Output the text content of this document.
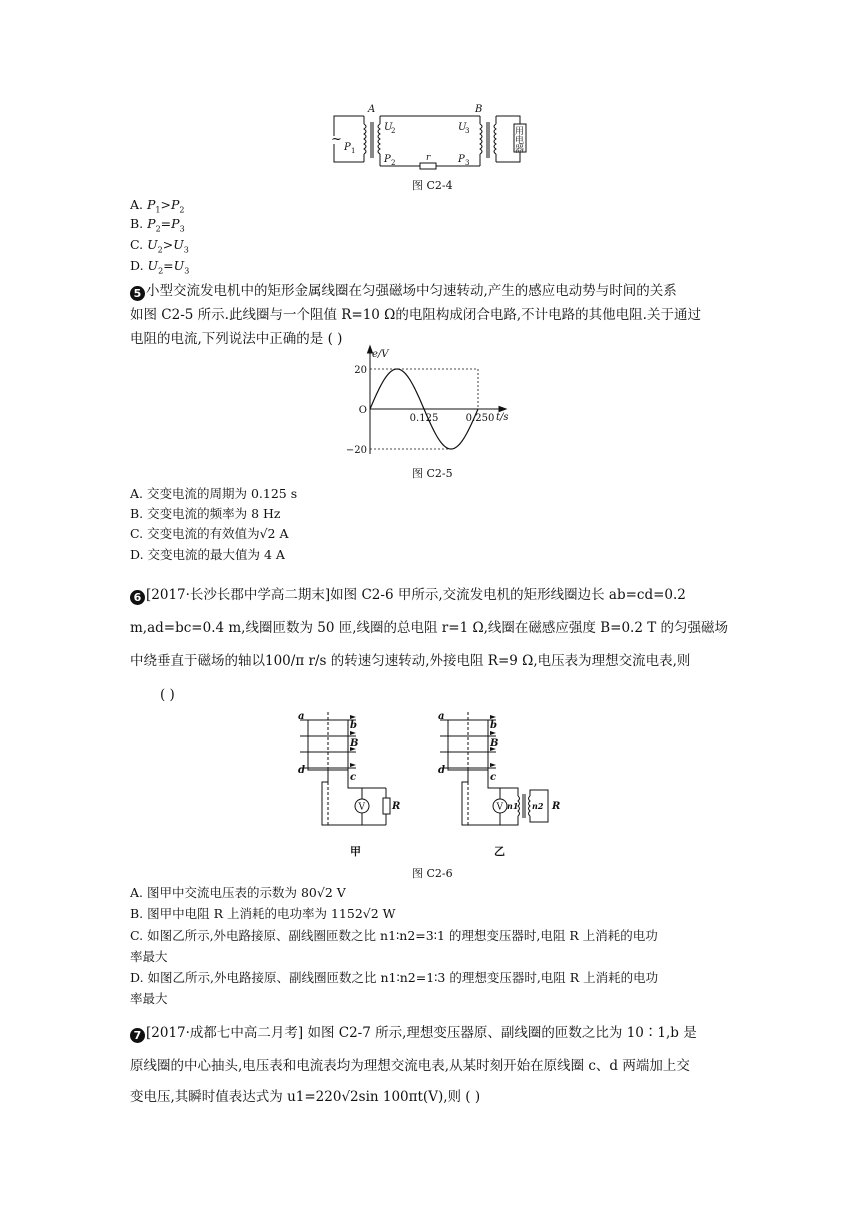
~
A	B
U
2	U
3
P 1
P 2	P 3
r
用
电
器
图 C2-4
A. $P_1>P_2$
B. $P_2=P_3$
C. $U_2>U_3$
D. $U_2=U_3$
5 小型交流发电机中的矩形金属线圈在匀强磁场中匀速转动,产生的感应电动势与时间的关系
如图 C2-5 所示.此线圈与一个阻值 R=10 Ω的电阻构成闭合电路,不计电路的其他电阻.关于通过
电阻的电流,下列说法中正确的是 ( )
0.125	0.250
20
O
−20
e/V
t/s
图 C2-5
A. 交变电流的周期为 0.125 s
B. 交变电流的频率为 8 Hz
C. 交变电流的有效值为√2 A
D. 交变电流的最大值为 4 A
6 [2017·长沙长郡中学高二期末]如图 C2-6 甲所示,交流发电机的矩形线圈边长 ab=cd=0.2
m,ad=bc=0.4 m,线圈匝数为 50 匝,线圈的总电阻 r=1 Ω,线圈在磁感应强度 B=0.2 T 的匀强磁场
中绕垂直于磁场的轴以100/π r/s 的转速匀速转动,外接电阻 R=9 Ω,电压表为理想交流电表,则
( )
a
b
B
d
c
R
a
b
B
d
c
R
n1 n2
V	V
甲	乙
图 C2-6
A. 图甲中交流电压表的示数为 80√2 V
B. 图甲中电阻 R 上消耗的电功率为 1152√2 W
C. 如图乙所示,外电路接原、副线圈匝数之比 n1∶n2=3∶1 的理想变压器时,电阻 R 上消耗的电功
率最大
D. 如图乙所示,外电路接原、副线圈匝数之比 n1∶n2=1∶3 的理想变压器时,电阻 R 上消耗的电功
率最大
7 [2017·成都七中高二月考] 如图 C2-7 所示,理想变压器原、副线圈的匝数之比为 10∶1,b 是
原线圈的中心抽头,电压表和电流表均为理想交流电表,从某时刻开始在原线圈 c、d 两端加上交
变电压,其瞬时值表达式为 u1=220√2sin 100πt(V),则 ( )
